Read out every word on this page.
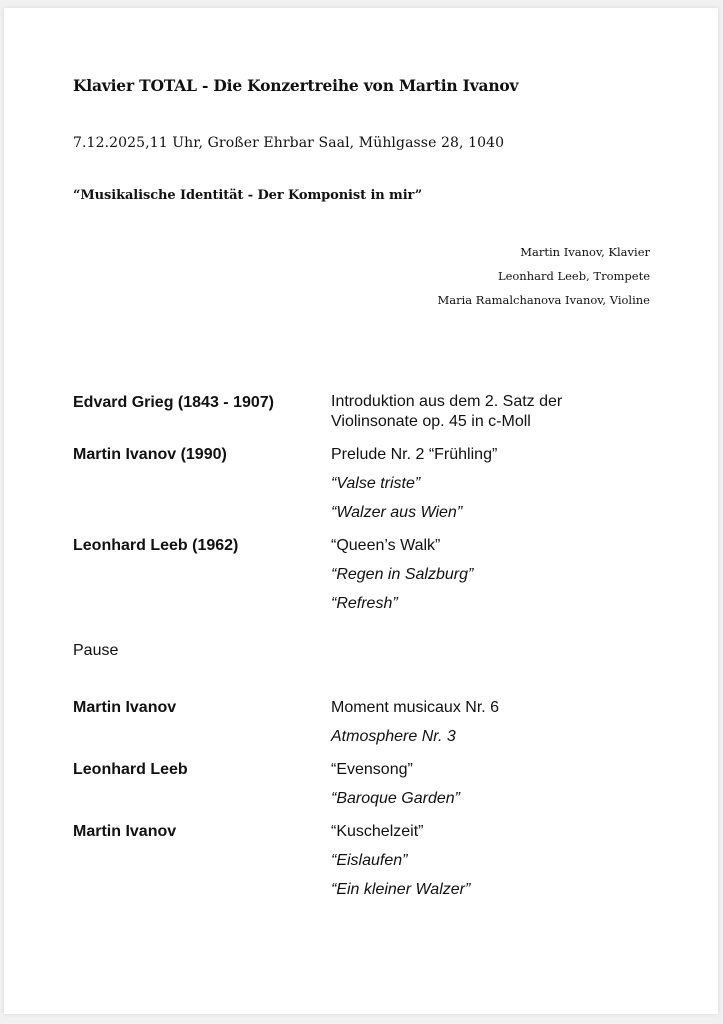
Klavier TOTAL - Die Konzertreihe von Martin Ivanov
7.12.2025,11 Uhr, Großer Ehrbar Saal, Mühlgasse 28, 1040
“Musikalische Identität - Der Komponist in mir”
Martin Ivanov, Klavier
Leonhard Leeb, Trompete
Maria Ramalchanova Ivanov, Violine
Edvard Grieg (1843 - 1907)	Introduktion aus dem 2. Satz der
Violinsonate op. 45 in c-Moll
Martin Ivanov (1990)	Prelude Nr. 2 “Frühling”
“Valse triste”
“Walzer aus Wien”
Leonhard Leeb (1962)	“Queen’s Walk”
“Regen in Salzburg”
“Refresh”
Pause
Martin Ivanov	Moment musicaux Nr. 6
Atmosphere Nr. 3
Leonhard Leeb	“Evensong”
“Baroque Garden”
Martin Ivanov	“Kuschelzeit”
“Eislaufen”
“Ein kleiner Walzer”
